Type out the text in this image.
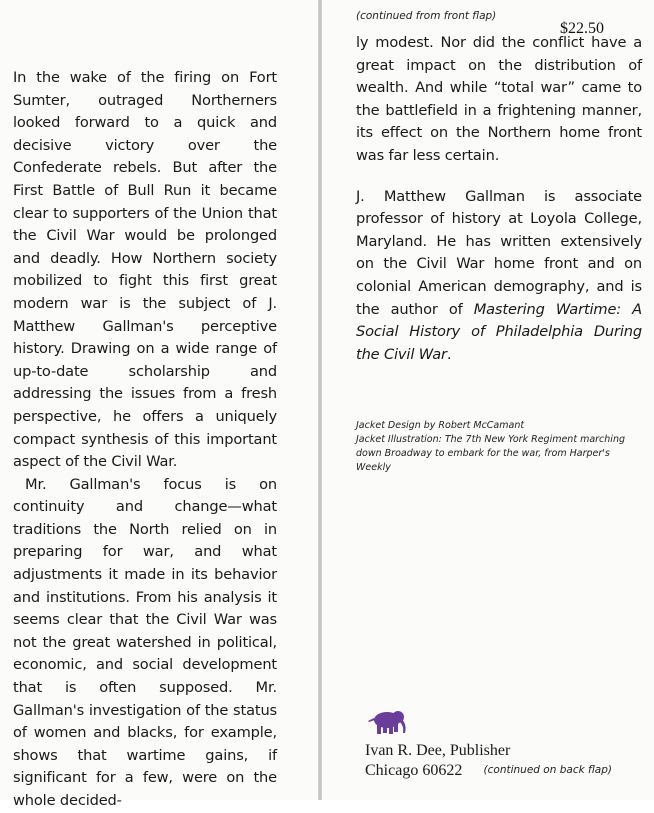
$22.50

In the wake of the firing on Fort Sumter, outraged Northerners looked forward to a quick and decisive victory over the Confederate rebels. But after the First Battle of Bull Run it became clear to supporters of the Union that the Civil War would be prolonged and deadly. How Northern society mobilized to fight this first great modern war is the subject of J. Matthew Gallman's perceptive history. Drawing on a wide range of up-to-date scholarship and addressing the issues from a fresh perspective, he offers a uniquely compact synthesis of this important aspect of the Civil War.

Mr. Gallman's focus is on continuity and change—what traditions the North relied on in preparing for war, and what adjustments it made in its behavior and institutions. From his analysis it seems clear that the Civil War was not the great watershed in political, economic, and social development that is often supposed. Mr. Gallman's investigation of the status of women and blacks, for example, shows that wartime gains, if significant for a few, were on the whole decided-

(continued on back flap)
(continued from front flap)

ly modest. Nor did the conflict have a great impact on the distribution of wealth. And while “total war” came to the battlefield in a frightening manner, its effect on the Northern home front was far less certain.

J. Matthew Gallman is associate professor of history at Loyola College, Maryland. He has written extensively on the Civil War home front and on colonial American demography, and is the author of Mastering Wartime: A Social History of Philadelphia During the Civil War.

Jacket Design by Robert McCamant
Jacket Illustration: The 7th New York Regiment marching down Broadway to embark for the war, from Harper's Weekly
Ivan R. Dee, Publisher
Chicago 60622
